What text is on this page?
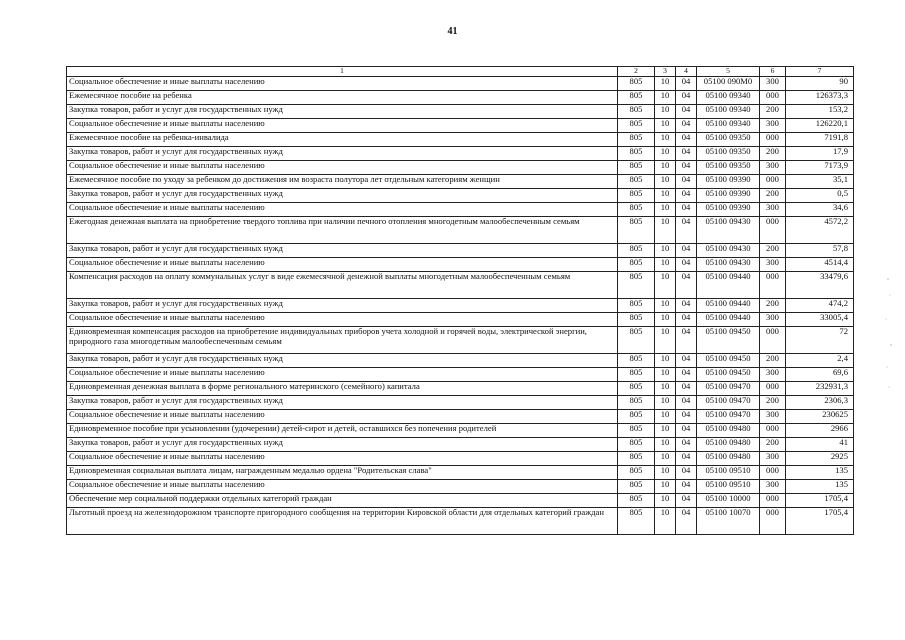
41
1	2	3	4	5	6	7
Социальное обеспечение и иные выплаты населению	805	10	04	05100 090М0	300	90
Ежемесячное пособие на ребенка	805	10	04	05100 09340	000	126373,3
Закупка товаров, работ и услуг для государственных нужд	805	10	04	05100 09340	200	153,2
Социальное обеспечение и иные выплаты населению	805	10	04	05100 09340	300	126220,1
Ежемесячное пособие на ребенка-инвалида	805	10	04	05100 09350	000	7191,8
Закупка товаров, работ и услуг для государственных нужд	805	10	04	05100 09350	200	17,9
Социальное обеспечение и иные выплаты населению	805	10	04	05100 09350	300	7173,9
Ежемесячное пособие по уходу за ребенком до достижения им возраста полутора лет отдельным категориям женщин	805	10	04	05100 09390	000	35,1
Закупка товаров, работ и услуг для государственных нужд	805	10	04	05100 09390	200	0,5
Социальное обеспечение и иные выплаты населению	805	10	04	05100 09390	300	34,6
Ежегодная денежная выплата на приобретение твердого топлива при наличии печного отопления многодетным малообеспеченным семьям	805	10	04	05100 09430	000	4572,2
Закупка товаров, работ и услуг для государственных нужд	805	10	04	05100 09430	200	57,8
Социальное обеспечение и иные выплаты населению	805	10	04	05100 09430	300	4514,4
Компенсация расходов на оплату коммунальных услуг в виде ежемесячной денежной выплаты многодетным малообеспеченным семьям	805	10	04	05100 09440	000	33479,6
Закупка товаров, работ и услуг для государственных нужд	805	10	04	05100 09440	200	474,2
Социальное обеспечение и иные выплаты населению	805	10	04	05100 09440	300	33005,4
Единовременная компенсация расходов на приобретение индивидуальных приборов учета холодной и горячей воды, электрической энергии, природного газа многодетным малообеспеченным семьям	805	10	04	05100 09450	000	72
Закупка товаров, работ и услуг для государственных нужд	805	10	04	05100 09450	200	2,4
Социальное обеспечение и иные выплаты населению	805	10	04	05100 09450	300	69,6
Единовременная денежная выплата в форме регионального материнского (семейного) капитала	805	10	04	05100 09470	000	232931,3
Закупка товаров, работ и услуг для государственных нужд	805	10	04	05100 09470	200	2306,3
Социальное обеспечение и иные выплаты населению	805	10	04	05100 09470	300	230625
Единовременное пособие при усыновлении (удочерении) детей-сирот и детей, оставшихся без попечения родителей	805	10	04	05100 09480	000	2966
Закупка товаров, работ и услуг для государственных нужд	805	10	04	05100 09480	200	41
Социальное обеспечение и иные выплаты населению	805	10	04	05100 09480	300	2925
Единовременная социальная выплата лицам, награжденным медалью ордена "Родительская слава"	805	10	04	05100 09510	000	135
Социальное обеспечение и иные выплаты населению	805	10	04	05100 09510	300	135
Обеспечение мер социальной поддержки отдельных категорий граждан	805	10	04	05100 10000	000	1705,4
Льготный проезд на железнодорожном транспорте пригородного сообщения на территории Кировской области для отдельных категорий граждан	805	10	04	05100 10070	000	1705,4
